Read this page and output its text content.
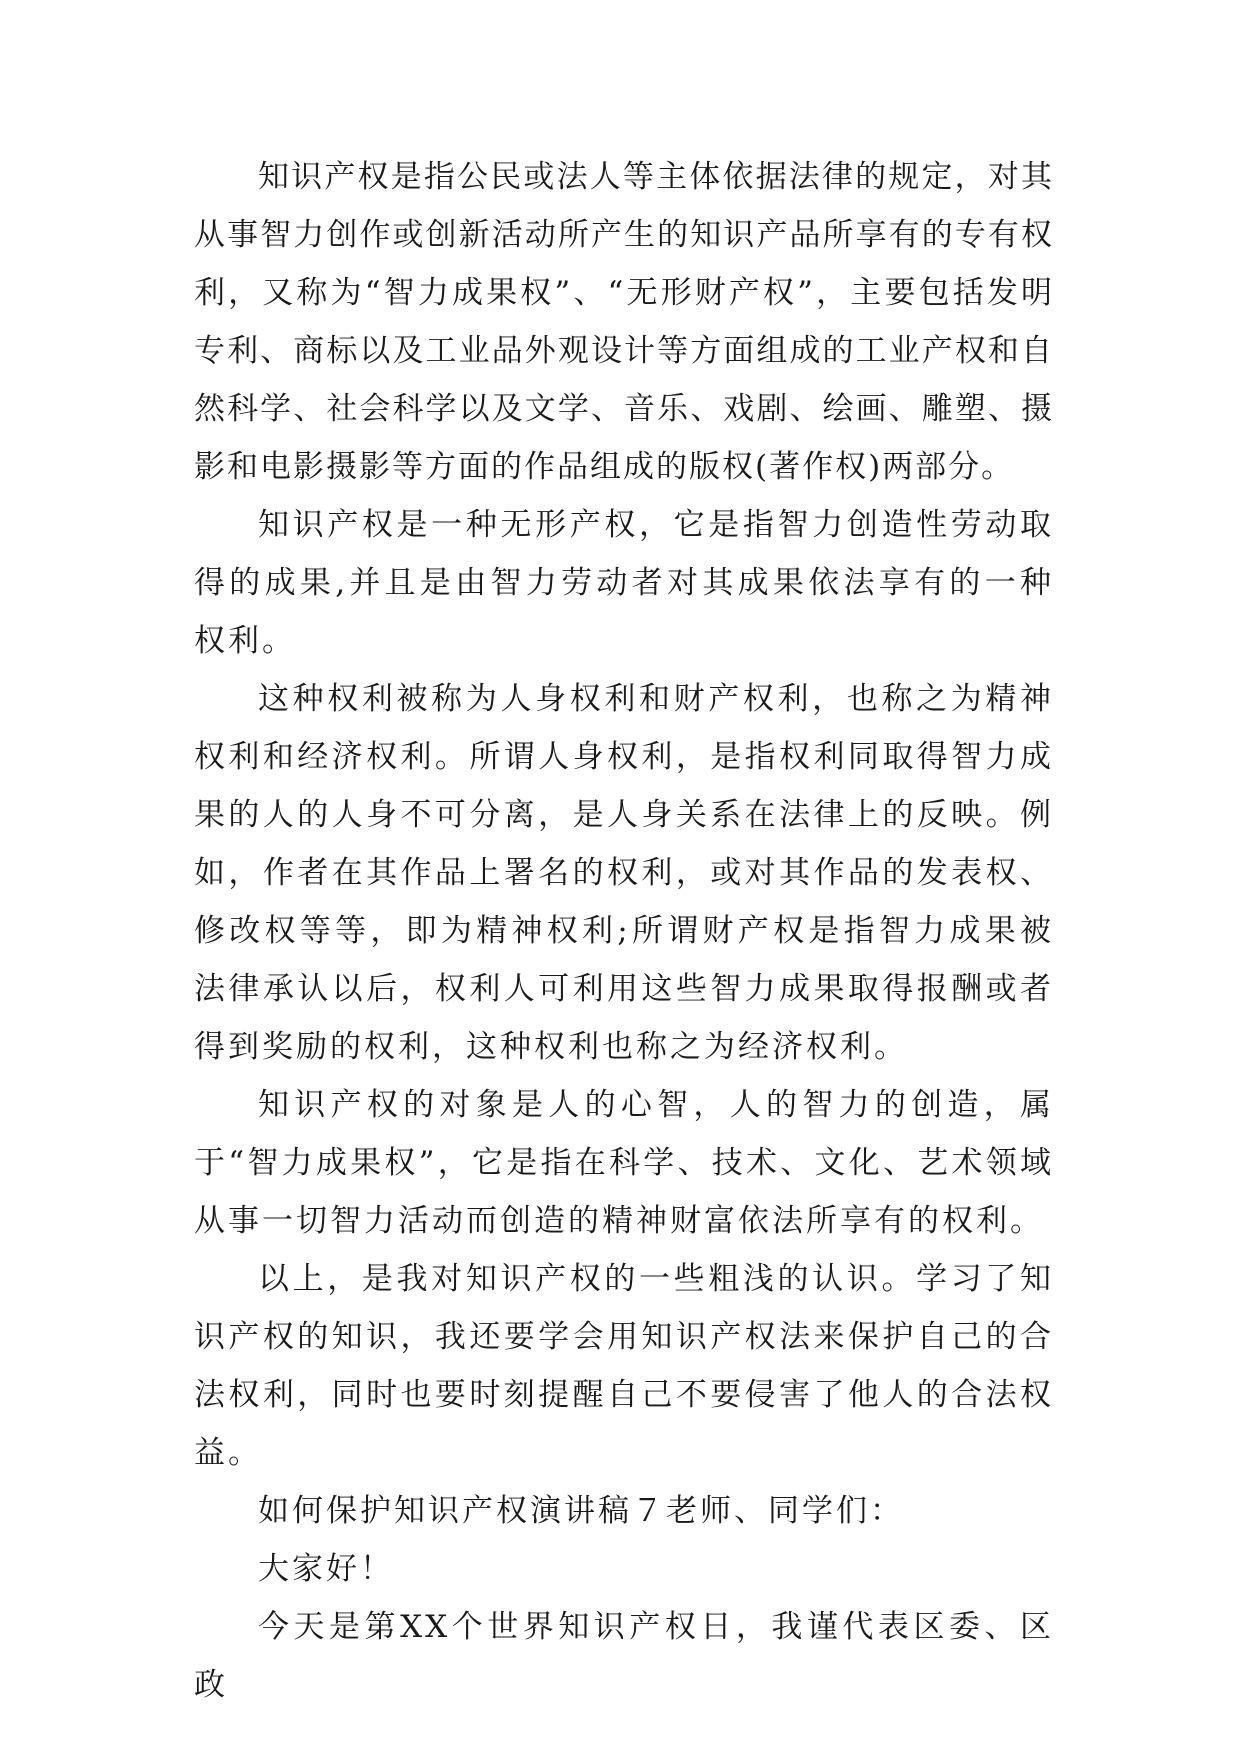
知识产权是指公民或法人等主体依据法律的规定，对其从事智力创作或创新活动所产生的知识产品所享有的专有权利，又称为“智力成果权”、“无形财产权”，主要包括发明专利、商标以及工业品外观设计等方面组成的工业产权和自然科学、社会科学以及文学、音乐、戏剧、绘画、雕塑、摄影和电影摄影等方面的作品组成的版权(著作权)两部分。

知识产权是一种无形产权，它是指智力创造性劳动取得的成果,并且是由智力劳动者对其成果依法享有的一种权利。

这种权利被称为人身权利和财产权利，也称之为精神权利和经济权利。所谓人身权利，是指权利同取得智力成果的人的人身不可分离，是人身关系在法律上的反映。例如，作者在其作品上署名的权利，或对其作品的发表权、修改权等等，即为精神权利;所谓财产权是指智力成果被法律承认以后，权利人可利用这些智力成果取得报酬或者得到奖励的权利，这种权利也称之为经济权利。

知识产权的对象是人的心智，人的智力的创造，属于“智力成果权”，它是指在科学、技术、文化、艺术领域从事一切智力活动而创造的精神财富依法所享有的权利。

以上，是我对知识产权的一些粗浅的认识。学习了知识产权的知识，我还要学会用知识产权法来保护自己的合法权利，同时也要时刻提醒自己不要侵害了他人的合法权益。

如何保护知识产权演讲稿７老师、同学们：

大家好！

今天是第XX个世界知识产权日，我谨代表区委、区政
